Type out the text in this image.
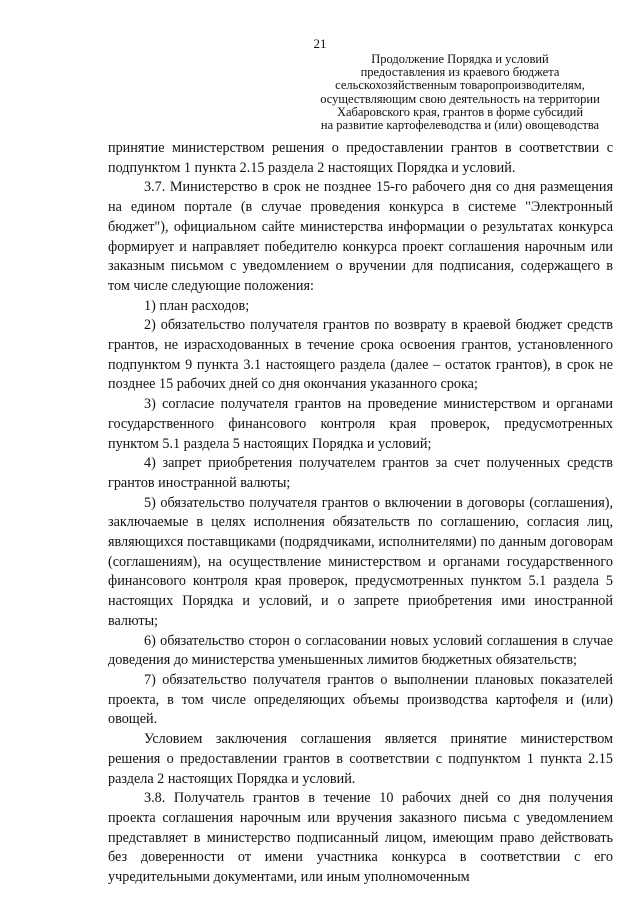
21
Продолжение Порядка и условий
предоставления из краевого бюджета
сельскохозяйственным товаропроизводителям,
осуществляющим свою деятельность на территории
Хабаровского края, грантов в форме субсидий
на развитие картофелеводства и (или) овощеводства

принятие министерством решения о предоставлении грантов в соответствии с подпунктом 1 пункта 2.15 раздела 2 настоящих Порядка и условий.

3.7. Министерство в срок не позднее 15-го рабочего дня со дня размещения на едином портале (в случае проведения конкурса в системе "Электронный бюджет"), официальном сайте министерства информации о результатах конкурса формирует и направляет победителю конкурса проект соглашения нарочным или заказным письмом с уведомлением о вручении для подписания, содержащего в том числе следующие положения:

1) план расходов;

2) обязательство получателя грантов по возврату в краевой бюджет средств грантов, не израсходованных в течение срока освоения грантов, установленного подпунктом 9 пункта 3.1 настоящего раздела (далее – остаток грантов), в срок не позднее 15 рабочих дней со дня окончания указанного срока;

3) согласие получателя грантов на проведение министерством и органами государственного финансового контроля края проверок, предусмотренных пунктом 5.1 раздела 5 настоящих Порядка и условий;

4) запрет приобретения получателем грантов за счет полученных средств грантов иностранной валюты;

5) обязательство получателя грантов о включении в договоры (соглашения), заключаемые в целях исполнения обязательств по соглашению, согласия лиц, являющихся поставщиками (подрядчиками, исполнителями) по данным договорам (соглашениям), на осуществление министерством и органами государственного финансового контроля края проверок, предусмотренных пунктом 5.1 раздела 5 настоящих Порядка и условий, и о запрете приобретения ими иностранной валюты;

6) обязательство сторон о согласовании новых условий соглашения в случае доведения до министерства уменьшенных лимитов бюджетных обязательств;

7) обязательство получателя грантов о выполнении плановых показателей проекта, в том числе определяющих объемы производства картофеля и (или) овощей.

Условием заключения соглашения является принятие министерством решения о предоставлении грантов в соответствии с подпунктом 1 пункта 2.15 раздела 2 настоящих Порядка и условий.

3.8. Получатель грантов в течение 10 рабочих дней со дня получения проекта соглашения нарочным или вручения заказного письма с уведомлением представляет в министерство подписанный лицом, имеющим право действовать без доверенности от имени участника конкурса в соответствии с его учредительными документами, или иным уполномоченным
